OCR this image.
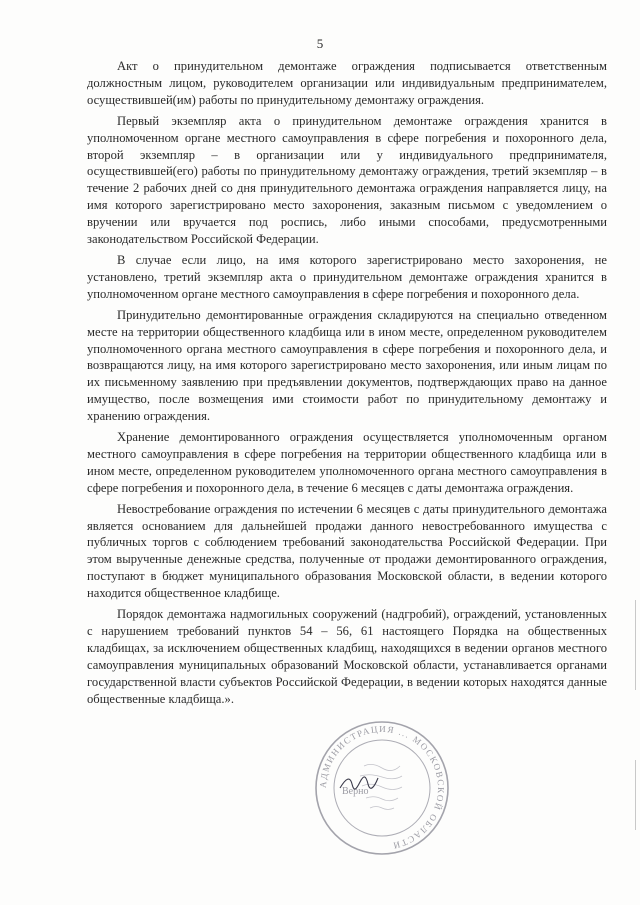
5

Акт о принудительном демонтаже ограждения подписывается ответственным должностным лицом, руководителем организации или индивидуальным предпринимателем, осуществившей(им) работы по принудительному демонтажу ограждения.

Первый экземпляр акта о принудительном демонтаже ограждения хранится в уполномоченном органе местного самоуправления в сфере погребения и похоронного дела, второй экземпляр – в организации или у индивидуального предпринимателя, осуществившей(его) работы по принудительному демонтажу ограждения, третий экземпляр – в течение 2 рабочих дней со дня принудительного демонтажа ограждения направляется лицу, на имя которого зарегистрировано место захоронения, заказным письмом с уведомлением о вручении или вручается под роспись, либо иными способами, предусмотренными законодательством Российской Федерации.

В случае если лицо, на имя которого зарегистрировано место захоронения, не установлено, третий экземпляр акта о принудительном демонтаже ограждения хранится в уполномоченном органе местного самоуправления в сфере погребения и похоронного дела.

Принудительно демонтированные ограждения складируются на специально отведенном месте на территории общественного кладбища или в ином месте, определенном руководителем уполномоченного органа местного самоуправления в сфере погребения и похоронного дела, и возвращаются лицу, на имя которого зарегистрировано место захоронения, или иным лицам по их письменному заявлению при предъявлении документов, подтверждающих право на данное имущество, после возмещения ими стоимости работ по принудительному демонтажу и хранению ограждения.

Хранение демонтированного ограждения осуществляется уполномоченным органом местного самоуправления в сфере погребения на территории общественного кладбища или в ином месте, определенном руководителем уполномоченного органа местного самоуправления в сфере погребения и похоронного дела, в течение 6 месяцев с даты демонтажа ограждения.

Невостребование ограждения по истечении 6 месяцев с даты принудительного демонтажа является основанием для дальнейшей продажи данного невостребованного имущества с публичных торгов с соблюдением требований законодательства Российской Федерации. При этом вырученные денежные средства, полученные от продажи демонтированного ограждения, поступают в бюджет муниципального образования Московской области, в ведении которого находится общественное кладбище.

Порядок демонтажа надмогильных сооружений (надгробий), ограждений, установленных с нарушением требований пунктов 54 – 56, 61 настоящего Порядка на общественных кладбищах, за исключением общественных кладбищ, находящихся в ведении органов местного самоуправления муниципальных образований Московской области, устанавливается органами государственной власти субъектов Российской Федерации, в ведении которых находятся данные общественные кладбища.».

АДМИНИСТРАЦИЯ ... МОСКОВСКОЙ ОБЛАСТИ
Верно
